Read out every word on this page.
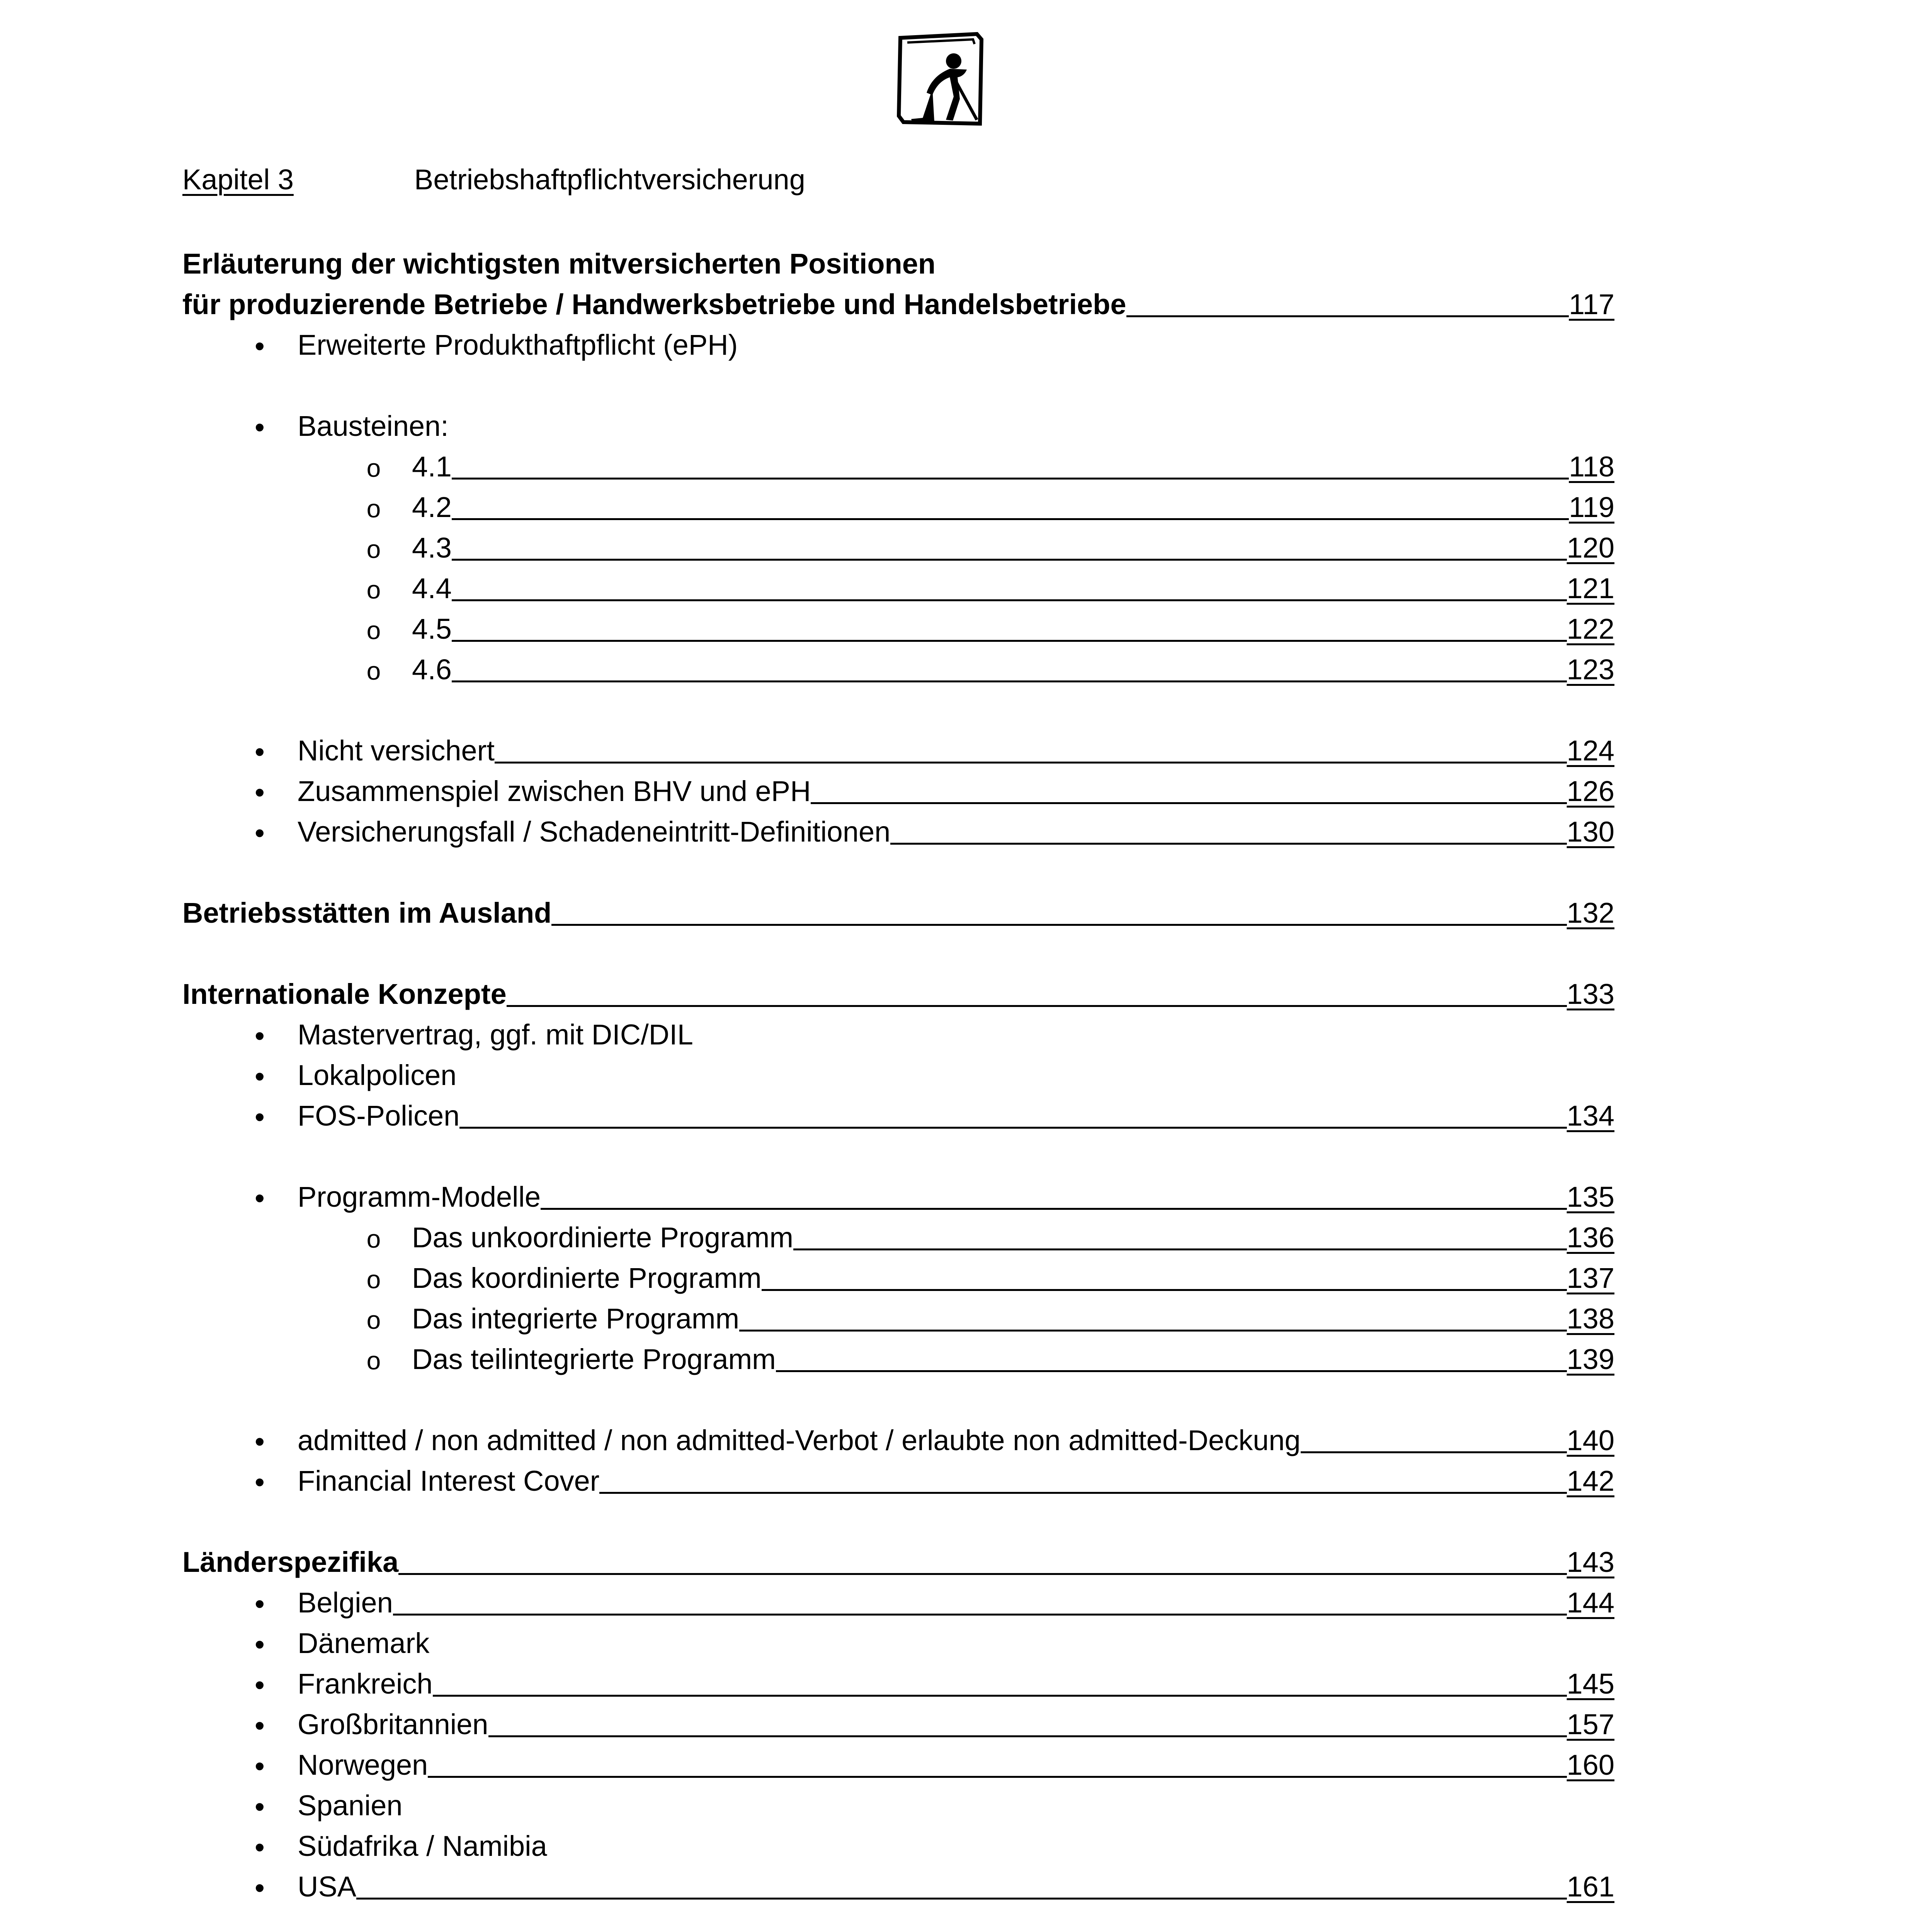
Kapitel 3	Betriebshaftpflichtversicherung
Erläuterung der wichtigsten mitversicherten Positionen
für produzierende Betriebe / Handwerksbetriebe und Handelsbetriebe	117
•	Erweiterte Produkthaftpflicht (ePH)
•	Bausteinen:
o	4.1	118
o	4.2	119
o	4.3	120
o	4.4	121
o	4.5	122
o	4.6	123
•	Nicht versichert	124
•	Zusammenspiel zwischen BHV und ePH	126
•	Versicherungsfall / Schadeneintritt-Definitionen	130
Betriebsstätten im Ausland	132
Internationale Konzepte	133
•	Mastervertrag, ggf. mit DIC/DIL
•	Lokalpolicen
•	FOS-Policen	134
•	Programm-Modelle	135
o	Das unkoordinierte Programm	136
o	Das koordinierte Programm	137
o	Das integrierte Programm	138
o	Das teilintegrierte Programm	139
•	admitted / non admitted / non admitted-Verbot / erlaubte non admitted-Deckung	140
•	Financial Interest Cover	142
Länderspezifika	143
•	Belgien	144
•	Dänemark
•	Frankreich	145
•	Großbritannien	157
•	Norwegen	160
•	Spanien
•	Südafrika / Namibia
•	USA	161
